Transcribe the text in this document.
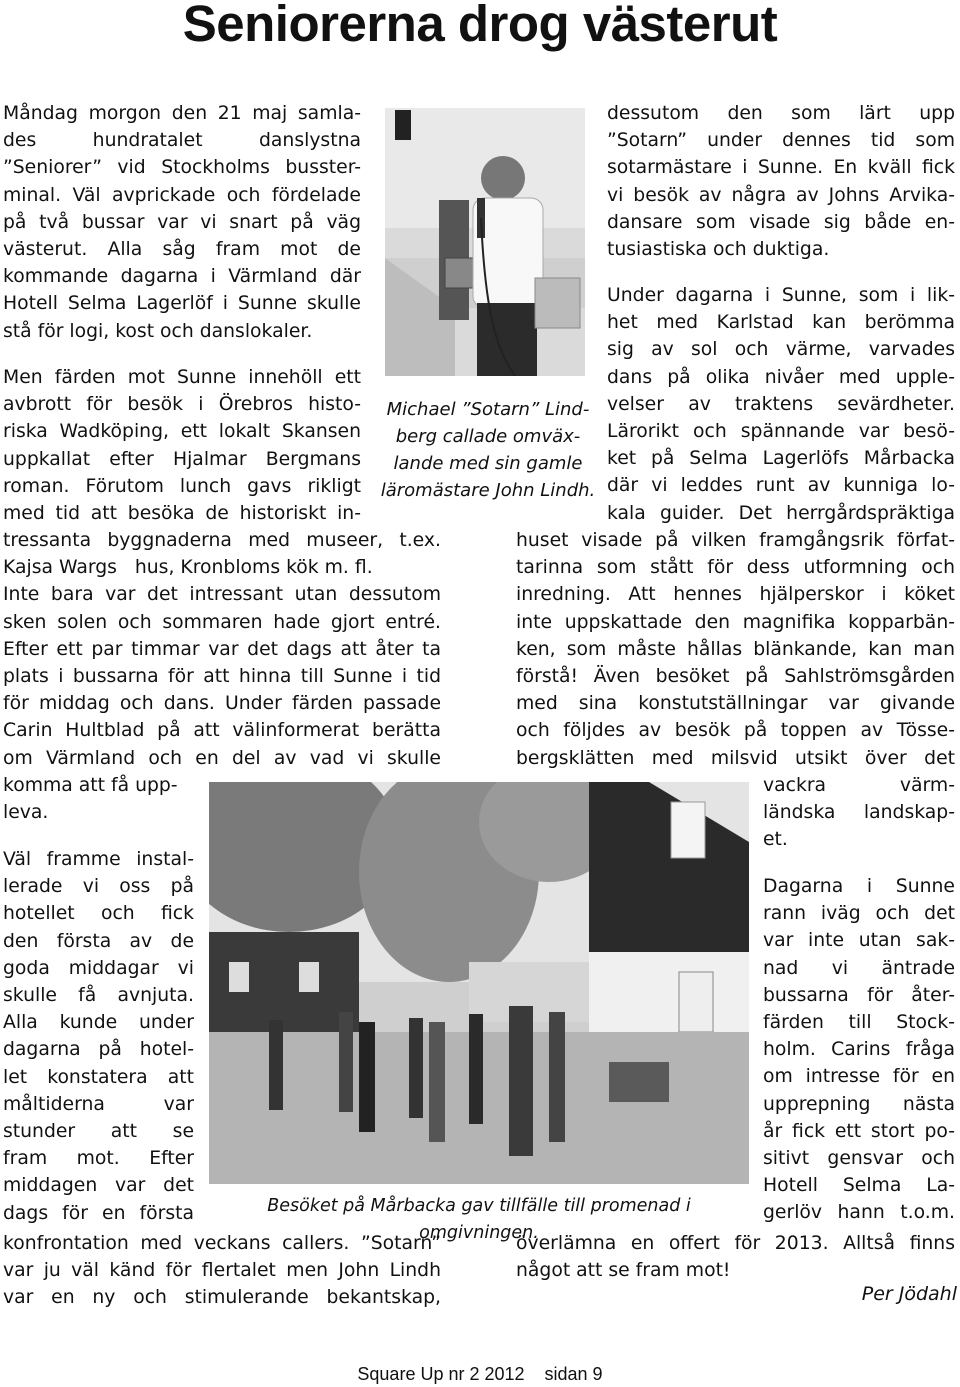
Seniorerna drog västerut
Måndag morgon den 21 maj samla-
des hundratalet danslystna
”Seniorer” vid Stockholms busster-
minal. Väl avprickade och fördelade
på två bussar var vi snart på väg
västerut. Alla såg fram mot de
kommande dagarna i Värmland där
Hotell Selma Lagerlöf i Sunne skulle
stå för logi, kost och danslokaler.
Men färden mot Sunne innehöll ett
avbrott för besök i Örebros histo-
riska Wadköping, ett lokalt Skansen
uppkallat efter Hjalmar Bergmans
roman. Förutom lunch gavs rikligt
med tid att besöka de historiskt in-
tressanta byggnaderna med museer, t.ex.
Kajsa Wargs   hus, Kronbloms kök m. fl.
Inte bara var det intressant utan dessutom
sken solen och sommaren hade gjort entré.
Efter ett par timmar var det dags att åter ta
plats i bussarna för att hinna till Sunne i tid
för middag och dans. Under färden passade
Carin Hultblad på att välinformerat berätta
om Värmland och en del av vad vi skulle
komma att få upp-
leva.
Väl framme instal-
lerade vi oss på
hotellet och fick
den första av de
goda middagar vi
skulle få avnjuta.
Alla kunde under
dagarna på hotel-
let konstatera att
måltiderna var
stunder att se
fram mot. Efter
middagen var det
dags för en första
konfrontation med veckans callers. ”Sotarn”
var ju väl känd för flertalet men John Lindh
var en ny och stimulerande bekantskap,
Michael ”Sotarn” Lind-
berg callade omväx-
lande med sin gamle
läromästare John Lindh.
dessutom den som lärt upp
”Sotarn” under dennes tid som
sotarmästare i Sunne. En kväll fick
vi besök av några av Johns Arvika-
dansare som visade sig både en-
tusiastiska och duktiga.
Under dagarna i Sunne, som i lik-
het med Karlstad kan berömma
sig av sol och värme, varvades
dans på olika nivåer med upple-
velser av traktens sevärdheter.
Lärorikt och spännande var besö-
ket på Selma Lagerlöfs Mårbacka
där vi leddes runt av kunniga lo-
kala guider. Det herrgårdspräktiga
huset visade på vilken framgångsrik förfat-
tarinna som stått för dess utformning och
inredning. Att hennes hjälperskor i köket
inte uppskattade den magnifika kopparbän-
ken, som måste hållas blänkande, kan man
förstå! Även besöket på Sahlströmsgården
med sina konstutställningar var givande
och följdes av besök på toppen av Tösse-
bergsklätten med milsvid utsikt över det
vackra värm-
ländska landskap-
et.
Dagarna i Sunne
rann iväg och det
var inte utan sak-
nad vi äntrade
bussarna för åter-
färden till Stock-
holm. Carins fråga
om intresse för en
upprepning nästa
år fick ett stort po-
sitivt gensvar och
Hotell Selma La-
gerlöv hann t.o.m.
överlämna en offert för 2013. Alltså finns
något att se fram mot!
Besöket på Mårbacka gav tillfälle till promenad i omgivningen.
Per Jödahl
Square Up nr 2 2012    sidan 9
